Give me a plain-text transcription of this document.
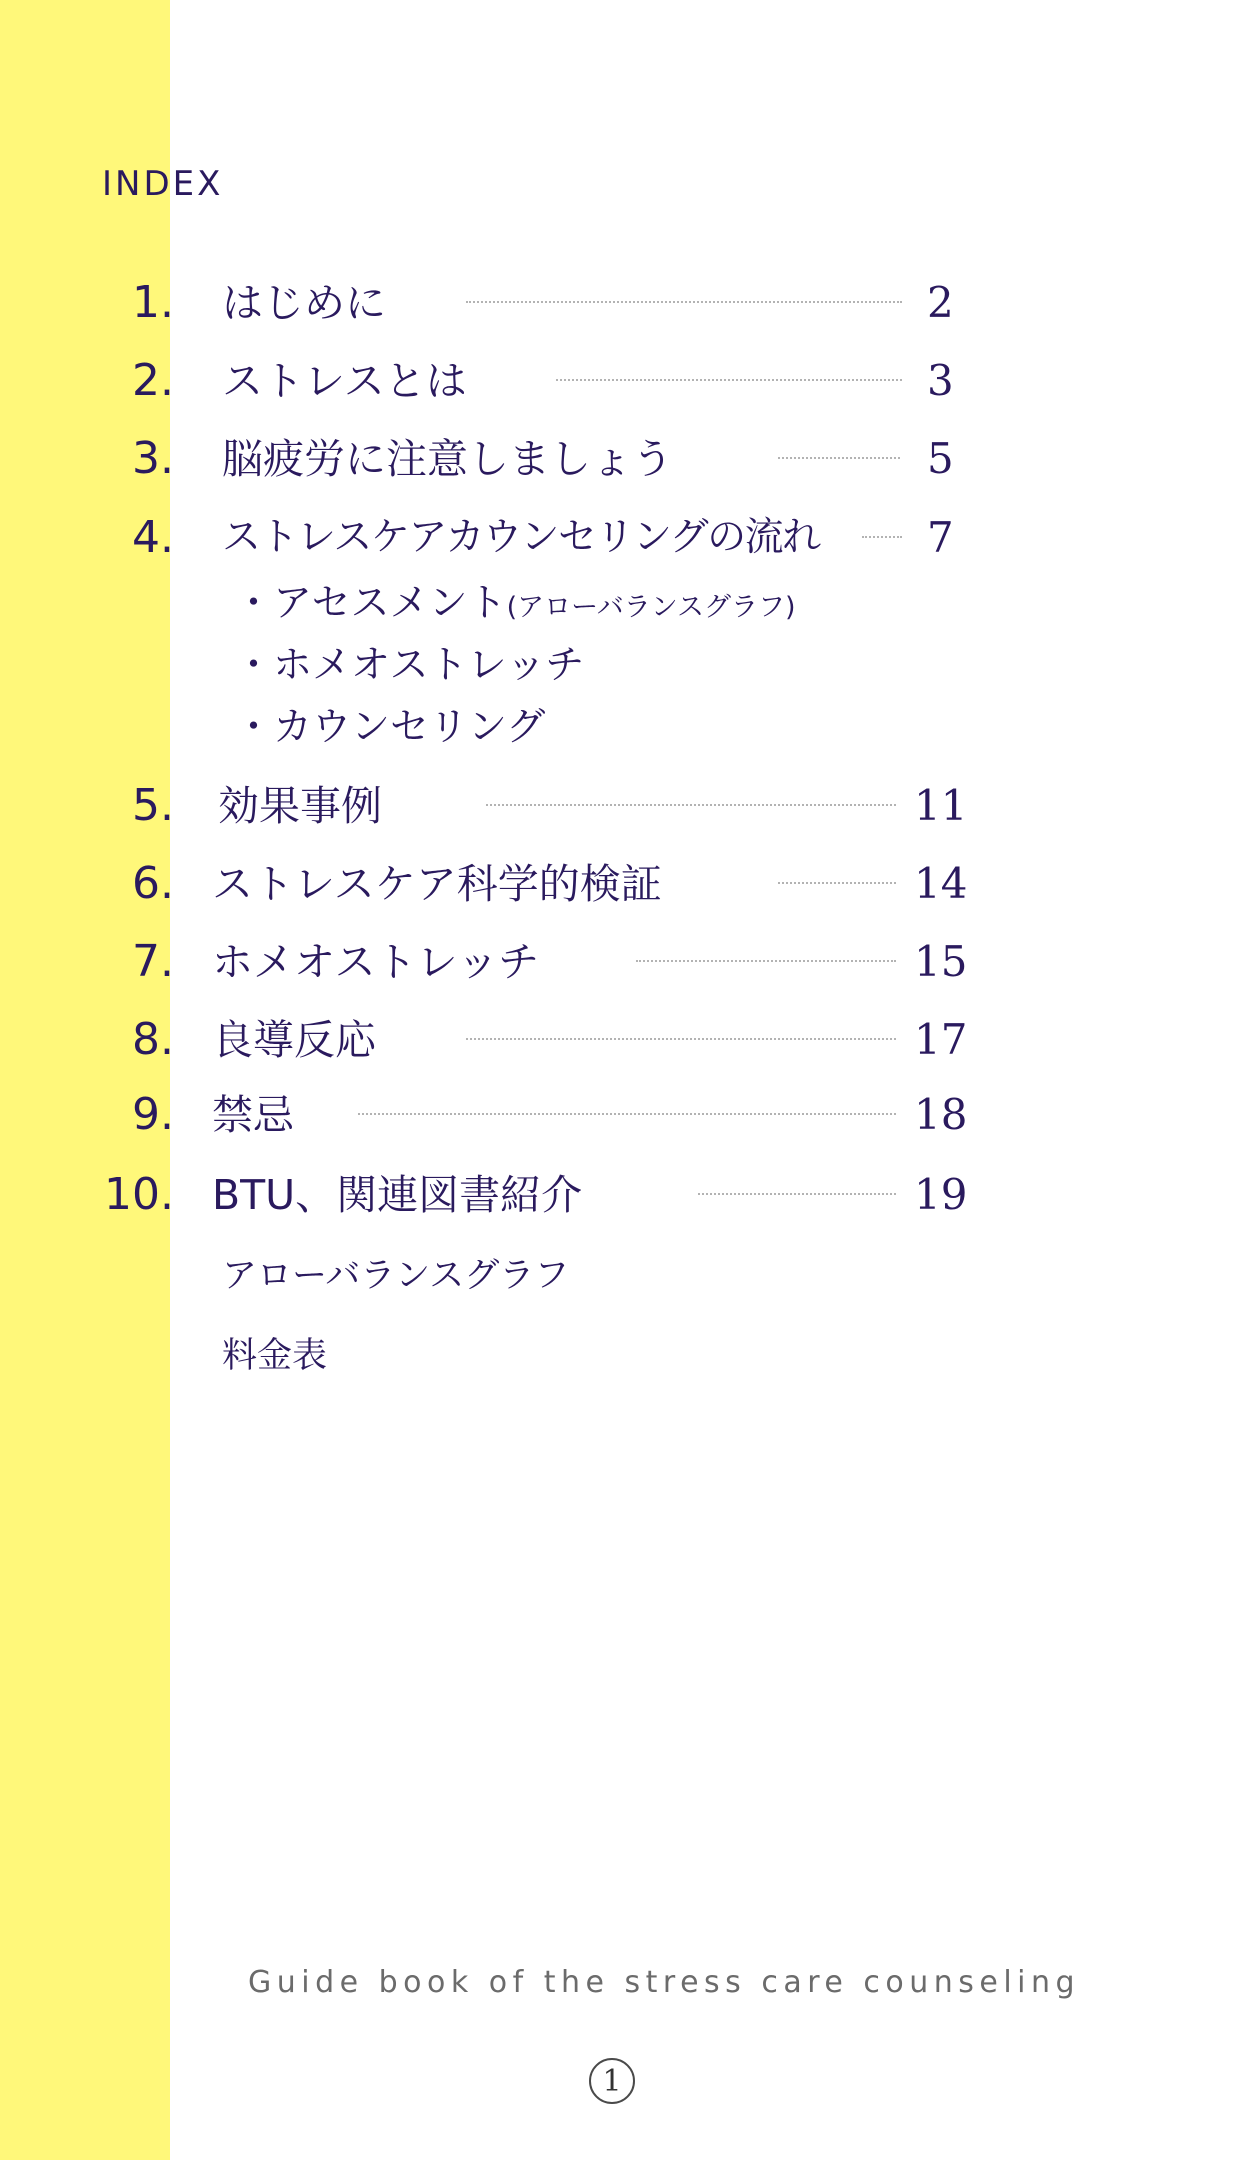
INDEX
1. はじめに	2
2. ストレスとは	3
3. 脳疲労に注意しましょう	5
4. ストレスケアカウンセリングの流れ	7
・アセスメント(アローバランスグラフ)
・ホメオストレッチ
・カウンセリング
5. 効果事例	11
6. ストレスケア科学的検証	14
7. ホメオストレッチ	15
8. 良導反応	17
9. 禁忌	18
10. BTU、関連図書紹介	19
アローバランスグラフ
料金表

Guide book of the stress care counseling

1
